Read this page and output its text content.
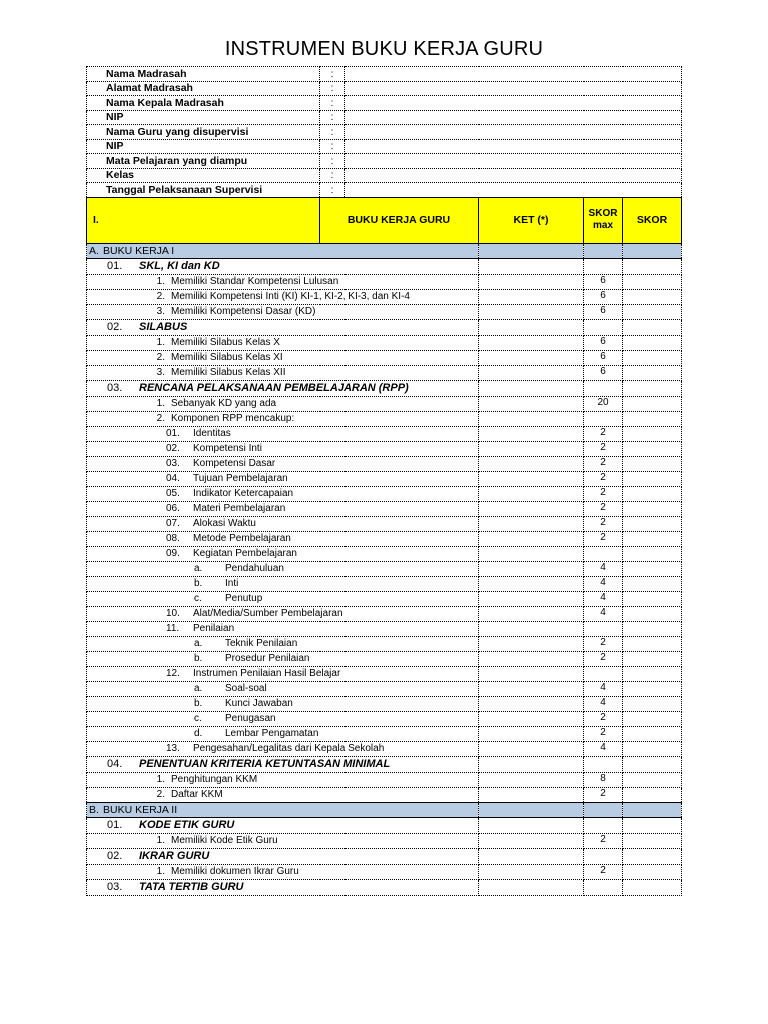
INSTRUMEN BUKU KERJA GURU
Nama Madrasah	:				
Alamat Madrasah	:				
Nama Kepala Madrasah	:				
NIP	:				
Nama Guru yang disupervisi	:				
NIP	:				
Mata Pelajaran yang diampu	:				
Kelas	:				
Tanggal Pelaksanaan Supervisi	:				
I.	BUKU KERJA GURU		KET (*)	SKOR max	SKOR
A. BUKU KERJA I					
01. SKL, KI dan KD					
1. Memiliki Standar Kompetensi Lulusan				6	
2. Memiliki Kompetensi Inti (KI) KI-1, KI-2, KI-3, dan KI-4				6	
3. Memiliki Kompetensi Dasar (KD)				6	
02. SILABUS					
1. Memiliki Silabus Kelas X				6	
2. Memiliki Silabus Kelas XI				6	
3. Memiliki Silabus Kelas XII				6	
03. RENCANA PELAKSANAAN PEMBELAJARAN (RPP)					
1. Sebanyak KD yang ada				20	
2. Komponen RPP mencakup:					
01. Identitas				2	
02. Kompetensi Inti				2	
03. Kompetensi Dasar				2	
04. Tujuan Pembelajaran				2	
05. Indikator Ketercapaian				2	
06. Materi Pembelajaran				2	
07. Alokasi Waktu				2	
08. Metode Pembelajaran				2	
09. Kegiatan Pembelajaran					
a. Pendahuluan				4	
b. Inti				4	
c. Penutup				4	
10. Alat/Media/Sumber Pembelajaran				4	
11. Penilaian					
a. Teknik Penilaian				2	
b. Prosedur Penilaian				2	
12. Instrumen Penilaian Hasil Belajar					
a. Soal-soal				4	
b. Kunci Jawaban				4	
c. Penugasan				2	
d. Lembar Pengamatan				2	
13. Pengesahan/Legalitas dari Kepala Sekolah				4	
04. PENENTUAN KRITERIA KETUNTASAN MINIMAL					
1. Penghitungan KKM				8	
2. Daftar KKM				2	
B. BUKU KERJA II					
01. KODE ETIK GURU					
1. Memiliki Kode Etik Guru				2	
02. IKRAR GURU					
1. Memiliki dokumen Ikrar Guru				2	
03. TATA TERTIB GURU					
